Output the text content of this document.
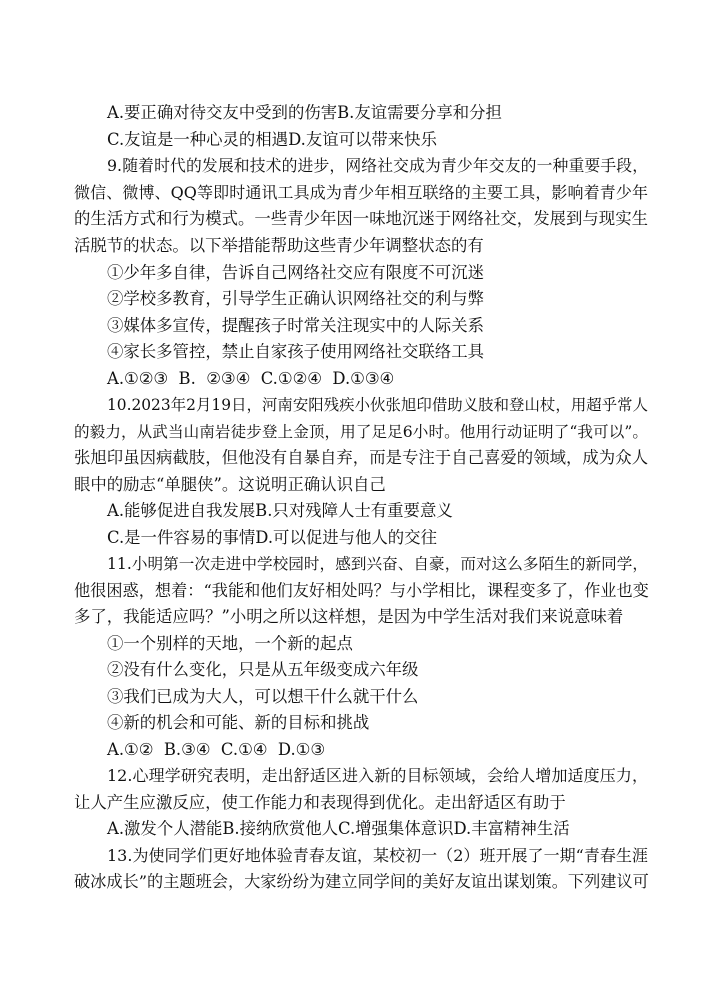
A.要正确对待交友中受到的伤害B.友谊需要分享和分担
C.友谊是一种心灵的相遇D.友谊可以带来快乐
9.随着时代的发展和技术的进步，网络社交成为青少年交友的一种重要手段，
微信、微博、QQ等即时通讯工具成为青少年相互联络的主要工具，影响着青少年
的生活方式和行为模式。一些青少年因一味地沉迷于网络社交，发展到与现实生
活脱节的状态。以下举措能帮助这些青少年调整状态的有
①少年多自律，告诉自己网络社交应有限度不可沉迷
②学校多教育，引导学生正确认识网络社交的利与弊
③媒体多宣传，提醒孩子时常关注现实中的人际关系
④家长多管控，禁止自家孩子使用网络社交联络工具
A.①②③  B.  ②③④  C.①②④  D.①③④
10.2023年2月19日，河南安阳残疾小伙张旭印借助义肢和登山杖，用超乎常人
的毅力，从武当山南岩徒步登上金顶，用了足足6小时。他用行动证明了“我可以”。
张旭印虽因病截肢，但他没有自暴自弃，而是专注于自己喜爱的领域，成为众人
眼中的励志“单腿侠”。这说明正确认识自己
A.能够促进自我发展B.只对残障人士有重要意义
C.是一件容易的事情D.可以促进与他人的交往
11.小明第一次走进中学校园时，感到兴奋、自豪，而对这么多陌生的新同学，
他很困惑，想着：“我能和他们友好相处吗？与小学相比，课程变多了，作业也变
多了，我能适应吗？”小明之所以这样想，是因为中学生活对我们来说意味着
①一个别样的天地，一个新的起点
②没有什么变化，只是从五年级变成六年级
③我们已成为大人，可以想干什么就干什么
④新的机会和可能、新的目标和挑战
A.①②  B.③④  C.①④  D.①③
12.心理学研究表明，走出舒适区进入新的目标领域，会给人增加适度压力，
让人产生应激反应，使工作能力和表现得到优化。走出舒适区有助于
A.激发个人潜能B.接纳欣赏他人C.增强集体意识D.丰富精神生活
13.为使同学们更好地体验青春友谊，某校初一（2）班开展了一期“青春生涯
破冰成长”的主题班会，大家纷纷为建立同学间的美好友谊出谋划策。下列建议可
